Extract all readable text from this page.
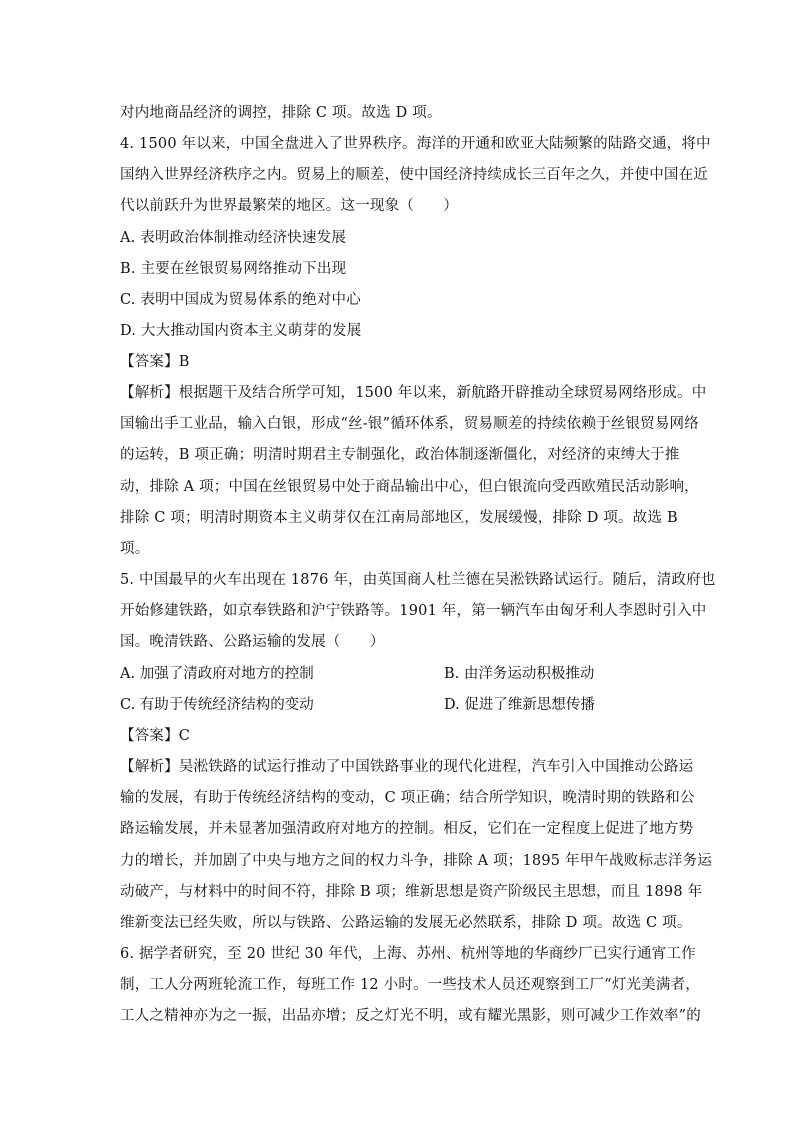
对内地商品经济的调控，排除 C 项。故选 D 项。
4. 1500 年以来，中国全盘进入了世界秩序。海洋的开通和欧亚大陆频繁的陆路交通，将中
国纳入世界经济秩序之内。贸易上的顺差，使中国经济持续成长三百年之久，并使中国在近
代以前跃升为世界最繁荣的地区。这一现象（　　）
A. 表明政治体制推动经济快速发展
B. 主要在丝银贸易网络推动下出现
C. 表明中国成为贸易体系的绝对中心
D. 大大推动国内资本主义萌芽的发展
【答案】B
【解析】根据题干及结合所学可知，1500 年以来，新航路开辟推动全球贸易网络形成。中
国输出手工业品，输入白银，形成“丝-银”循环体系，贸易顺差的持续依赖于丝银贸易网络
的运转，B 项正确；明清时期君主专制强化，政治体制逐渐僵化，对经济的束缚大于推
动，排除 A 项；中国在丝银贸易中处于商品输出中心，但白银流向受西欧殖民活动影响，
排除 C 项；明清时期资本主义萌芽仅在江南局部地区，发展缓慢，排除 D 项。故选 B
项。
5. 中国最早的火车出现在 1876 年，由英国商人杜兰德在吴淞铁路试运行。随后，清政府也
开始修建铁路，如京奉铁路和沪宁铁路等。1901 年，第一辆汽车由匈牙利人李恩时引入中
国。晚清铁路、公路运输的发展（　　）
A. 加强了清政府对地方的控制	B. 由洋务运动积极推动
C. 有助于传统经济结构的变动	D. 促进了维新思想传播
【答案】C
【解析】吴淞铁路的试运行推动了中国铁路事业的现代化进程，汽车引入中国推动公路运
输的发展，有助于传统经济结构的变动，C 项正确；结合所学知识，晚清时期的铁路和公
路运输发展，并未显著加强清政府对地方的控制。相反，它们在一定程度上促进了地方势
力的增长，并加剧了中央与地方之间的权力斗争，排除 A 项；1895 年甲午战败标志洋务运
动破产，与材料中的时间不符，排除 B 项；维新思想是资产阶级民主思想，而且 1898 年
维新变法已经失败，所以与铁路、公路运输的发展无必然联系，排除 D 项。故选 C 项。
6. 据学者研究，至 20 世纪 30 年代，上海、苏州、杭州等地的华商纱厂已实行通宵工作
制，工人分两班轮流工作，每班工作 12 小时。一些技术人员还观察到工厂“灯光美满者，
工人之精神亦为之一振，出品亦增；反之灯光不明，或有耀光黑影，则可减少工作效率”的
